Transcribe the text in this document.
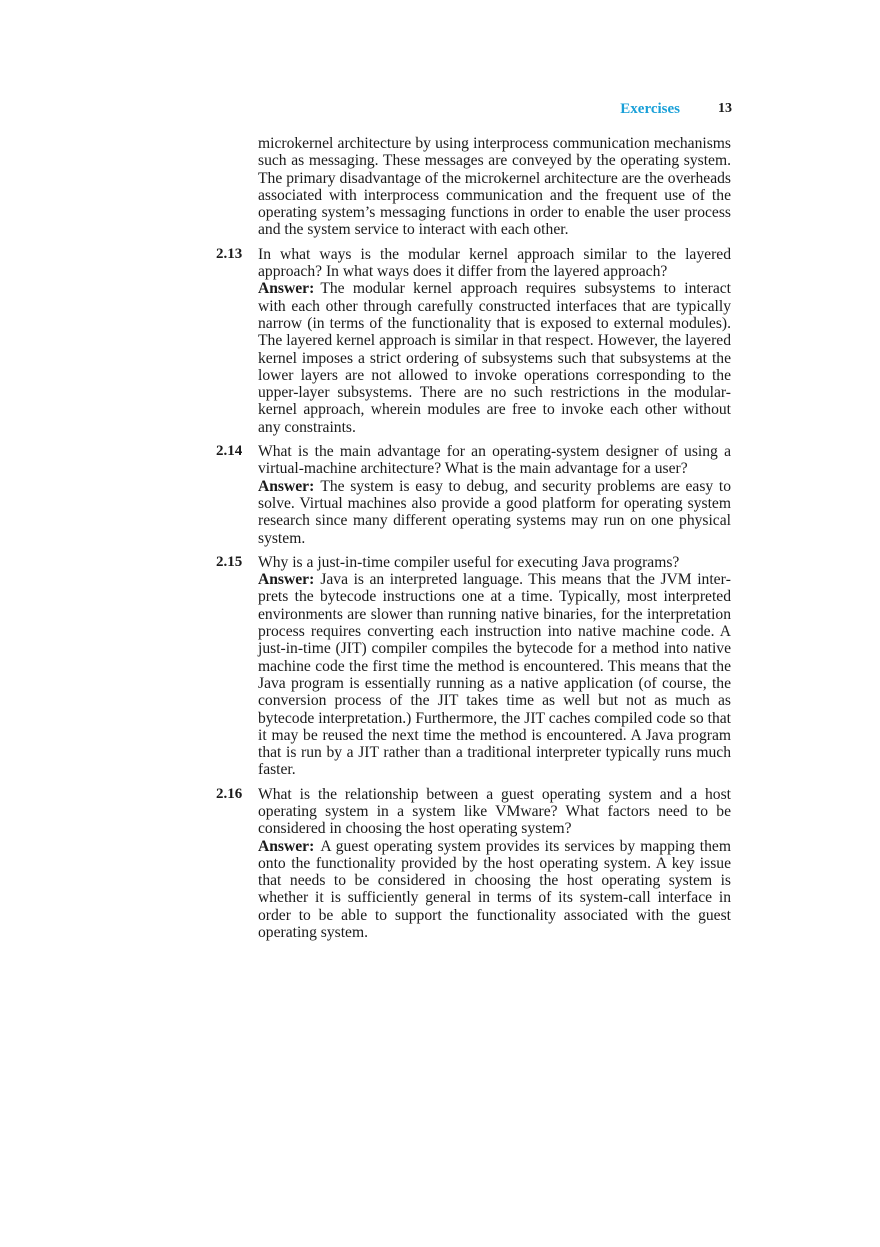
Exercises	13

microkernel architecture by using interprocess communication mechanisms such as messaging. These messages are conveyed by the operating system. The primary disadvantage of the microkernel architecture are the overheads associated with interprocess communication and the frequent use of the operating system’s messaging functions in order to enable the user process and the system service to interact with each other.

2.13 In what ways is the modular kernel approach similar to the layered approach? In what ways does it differ from the layered approach?

Answer: The modular kernel approach requires subsystems to interact with each other through carefully constructed interfaces that are typically narrow (in terms of the functionality that is exposed to external modules). The layered kernel approach is similar in that respect. However, the layered kernel imposes a strict ordering of subsystems such that subsystems at the lower layers are not allowed to invoke operations corresponding to the upper-layer subsystems. There are no such restrictions in the modular-kernel approach, wherein modules are free to invoke each other without any constraints.

2.14 What is the main advantage for an operating-system designer of using a virtual-machine architecture? What is the main advantage for a user?

Answer: The system is easy to debug, and security problems are easy to solve. Virtual machines also provide a good platform for operating system research since many different operating systems may run on one physical system.

2.15 Why is a just-in-time compiler useful for executing Java programs?

Answer: Java is an interpreted language. This means that the JVM interprets the bytecode instructions one at a time. Typically, most interpreted environments are slower than running native binaries, for the interpretation process requires converting each instruction into native machine code. A just-in-time (JIT) compiler compiles the bytecode for a method into native machine code the first time the method is encountered. This means that the Java program is essentially running as a native application (of course, the conversion process of the JIT takes time as well but not as much as bytecode interpretation.) Furthermore, the JIT caches compiled code so that it may be reused the next time the method is encountered. A Java program that is run by a JIT rather than a traditional interpreter typically runs much faster.

2.16 What is the relationship between a guest operating system and a host operating system in a system like VMware? What factors need to be considered in choosing the host operating system?

Answer: A guest operating system provides its services by mapping them onto the functionality provided by the host operating system. A key issue that needs to be considered in choosing the host operating system is whether it is sufficiently general in terms of its system-call interface in order to be able to support the functionality associated with the guest operating system.
